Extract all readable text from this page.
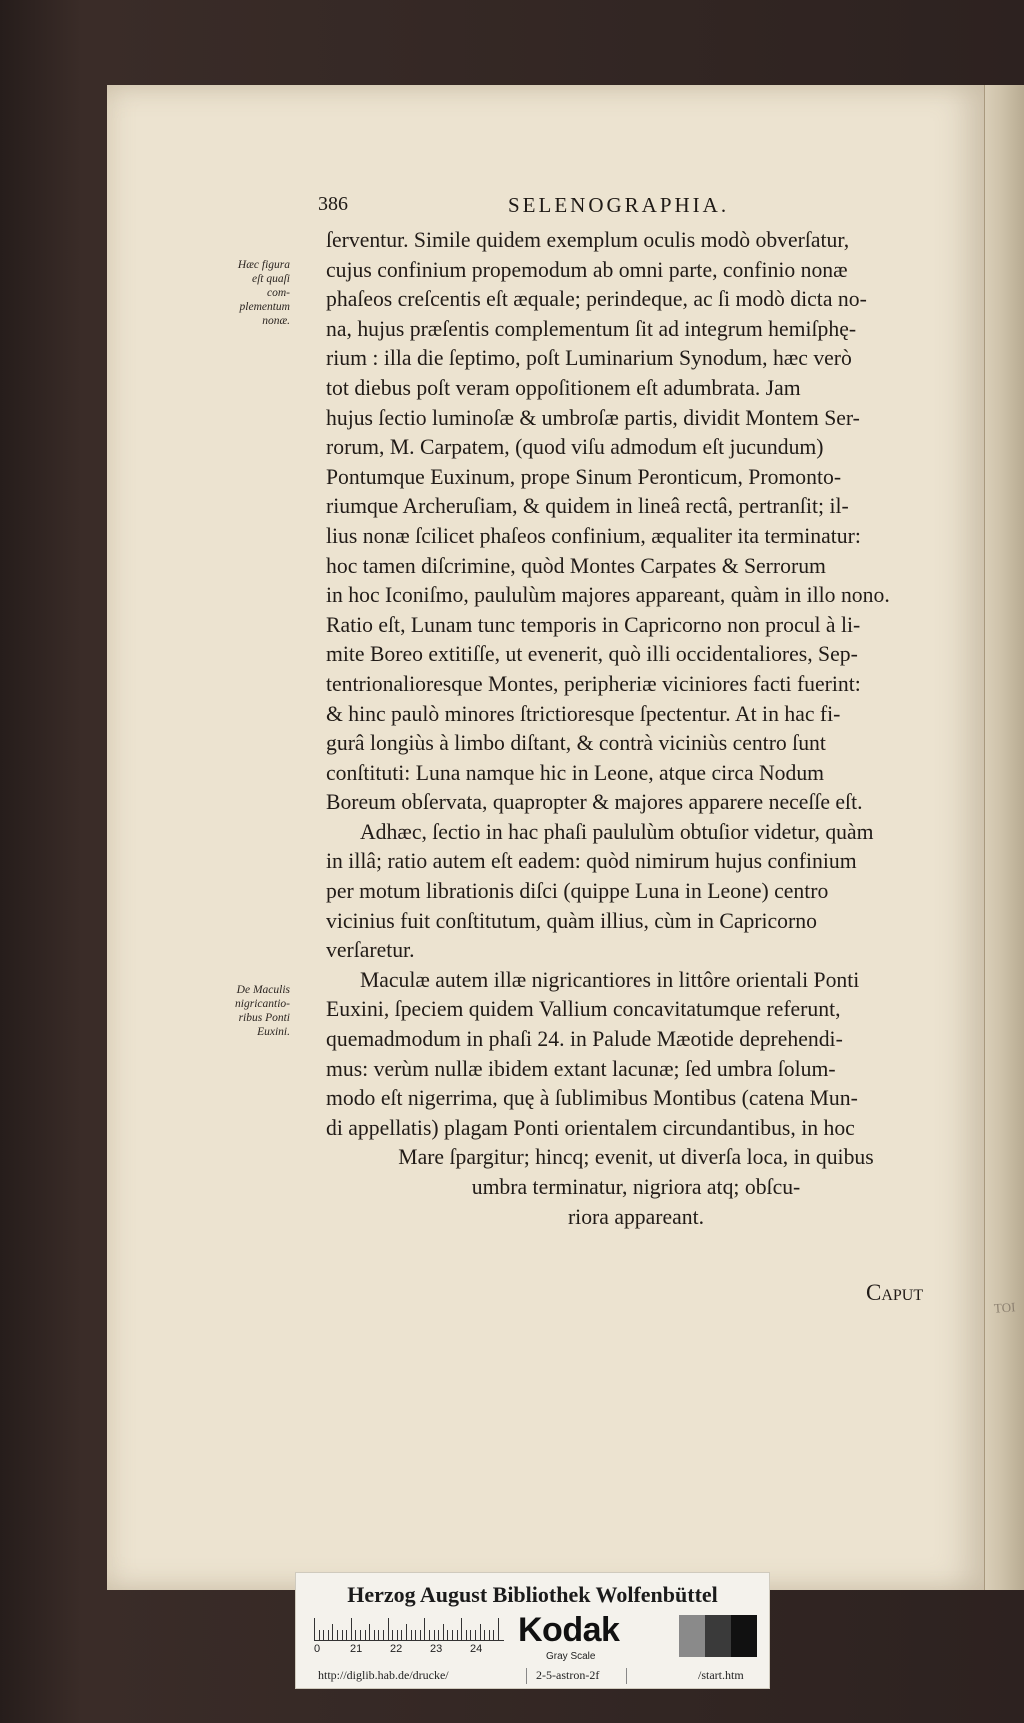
TOI
386	SELENOGRAPHIA.
Hæc figura
eſt quaſi com-
plementum
nonæ.
De Maculis
nigricantio-
ribus Ponti
Euxini.
ſerventur. Simile quidem exemplum oculis modò obverſatur,
cujus confinium propemodum ab omni parte, confinio nonæ
phaſeos creſcentis eſt æquale; perindeque, ac ſi modò dicta no-
na, hujus præſentis complementum ſit ad integrum hemiſphę-
rium : illa die ſeptimo, poſt Luminarium Synodum, hæc verò
tot diebus poſt veram oppoſitionem eſt adumbrata. Jam
hujus ſectio luminoſæ & umbroſæ partis, dividit Montem Ser-
rorum, M. Carpatem, (quod viſu admodum eſt jucundum)
Pontumque Euxinum, prope Sinum Peronticum, Promonto-
riumque Archeruſiam, & quidem in lineâ rectâ, pertranſit; il-
lius nonæ ſcilicet phaſeos confinium, æqualiter ita terminatur:
hoc tamen diſcrimine, quòd Montes Carpates & Serrorum
in hoc Iconiſmo, paululùm majores appareant, quàm in illo nono.
Ratio eſt, Lunam tunc temporis in Capricorno non procul à li-
mite Boreo extitiſſe, ut evenerit, quò illi occidentaliores, Sep-
tentrionalioresque Montes, peripheriæ viciniores facti fuerint:
& hinc paulò minores ſtrictioresque ſpectentur. At in hac fi-
gurâ longiùs à limbo diſtant, & contrà viciniùs centro ſunt
conſtituti: Luna namque hic in Leone, atque circa Nodum
Boreum obſervata, quapropter & majores apparere neceſſe eſt.
Adhæc, ſectio in hac phaſi paululùm obtuſior videtur, quàm
in illâ; ratio autem eſt eadem: quòd nimirum hujus confinium
per motum librationis diſci (quippe Luna in Leone) centro
vicinius fuit conſtitutum, quàm illius, cùm in Capricorno
verſaretur.
Maculæ autem illæ nigricantiores in littôre orientali Ponti
Euxini, ſpeciem quidem Vallium concavitatumque referunt,
quemadmodum in phaſi 24. in Palude Mæotide deprehendi-
mus: verùm nullæ ibidem extant lacunæ; ſed umbra ſolum-
modo eſt nigerrima, quę à ſublimibus Montibus (catena Mun-
di appellatis) plagam Ponti orientalem circundantibus, in hoc
Mare ſpargitur; hincq; evenit, ut diverſa loca, in quibus
umbra terminatur, nigriora atq; obſcu-
riora appareant.
Caput
Herzog August Bibliothek Wolfenbüttel
0	21	22	23	24 Kodak
Gray Scale
http://diglib.hab.de/drucke/	2-5-astron-2f	/start.htm
